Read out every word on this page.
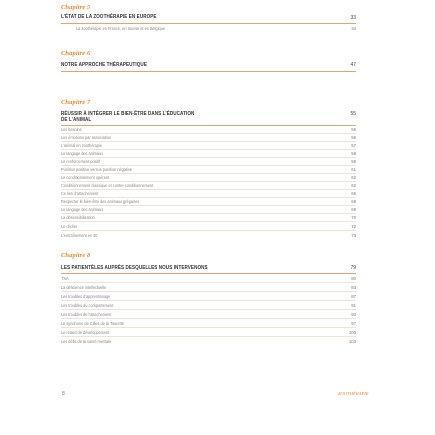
Chapitre 5
L'ÉTAT DE LA ZOOTHÉRAPIE EN EUROPE	33
La zoothérapie en France, en Suisse et en Belgique	34
Chapitre 6
NOTRE APPROCHE THÉRAPEUTIQUE	47
Chapitre 7
RÉUSSIR À INTÉGRER LE BIEN-ÊTRE DANS L'ÉDUCATION
DE L'ANIMAL
55
Les besoins	55
Les émotions par association	56
L'animal en zoothérapie	57
Le langage des animaux	58
Le renforcement positif	59
Punition positive versus punition négative	61
Le conditionnement opérant	62
Conditionnement classique et contre-conditionnement	62
Ce lien d'attachement	65
Respecter le bien-être des animaux grégaires	68
Le langage des animaux	69
La désensibilisation	70
Le clicker	72
L'entraînement en 30	73
Chapitre 8
LES PATIENTÈLES AUPRÈS DESQUELLES NOUS INTERVENONS	79
TSA	80
La déficience intellectuelle	83
Les troubles d'apprentissage	87
Les troubles du comportement	91
Les troubles de l'attachement	93
Le syndrome de Gilles de la Tourette	97
Le retard de développement	100
Les défis de la santé mentale	103
8	ZOOTHÉRAPIE
